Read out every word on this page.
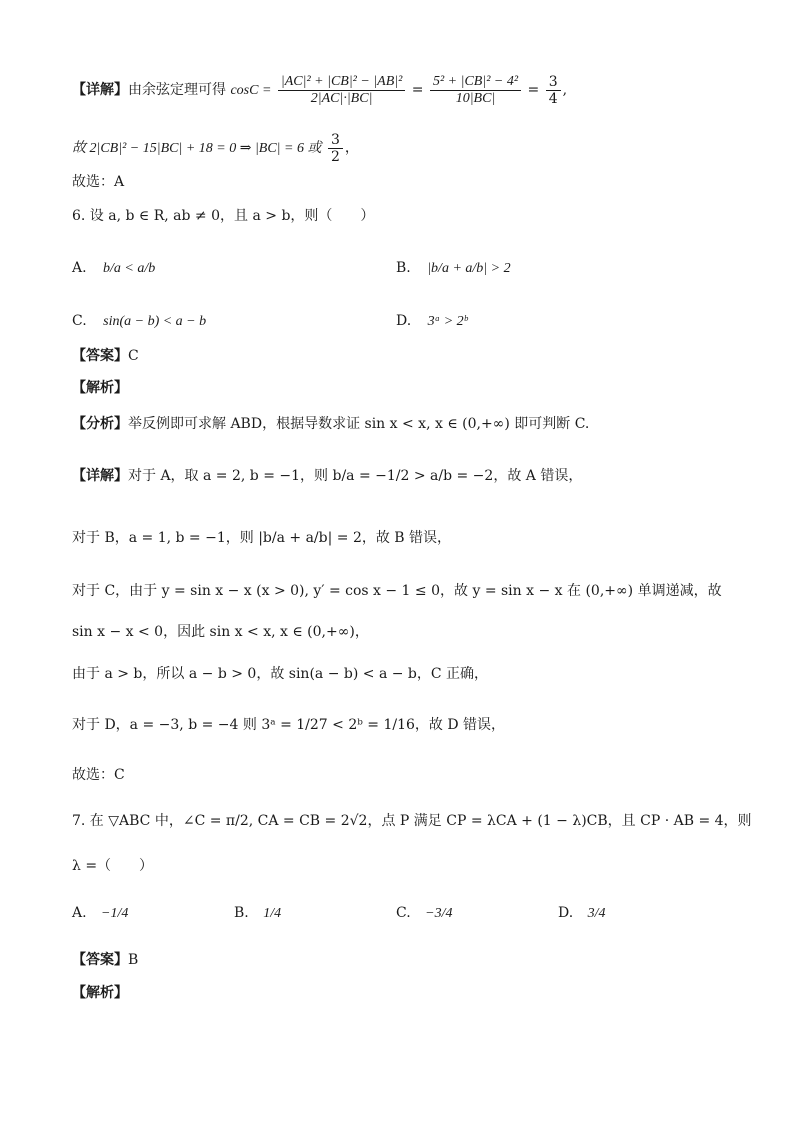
【详解】由余弦定理可得 $\cos C = \frac{\text{|AC|² + |CB|² − |AB|²}}{2|AC|\cdot|BC|} = \frac{\text{5² + |CB|² − 4²}}{10|BC|} = \frac{3}{4}$ ,
故 2|CB|² − 15|BC| + 18 = 0 ⇒ |BC| = 6 或 $\frac{3}{2}$ ，
故选：A
6. 设 a, b ∈ R, ab ≠ 0，且 a > b，则（　　）
A. b/a < a/b	B. |b/a + a/b| > 2
C. sin(a − b) < a − b	D. 3ᵃ > 2ᵇ
【答案】C
【解析】
【分析】举反例即可求解 ABD，根据导数求证 sin x < x, x ∈ (0,+∞) 即可判断 C.
【详解】对于 A，取 a = 2, b = −1，则 b/a = −1/2 > a/b = −2，故 A 错误，
对于 B，a = 1, b = −1，则 |b/a + a/b| = 2，故 B 错误，
对于 C，由于 y = sin x − x (x > 0), y′ = cos x − 1 ≤ 0，故 y = sin x − x 在 (0,+∞) 单调递减，故
sin x − x < 0，因此 sin x < x, x ∈ (0,+∞)，
由于 a > b，所以 a − b > 0，故 sin(a − b) < a − b，C 正确，
对于 D，a = −3, b = −4 则 3ᵃ = 1/27 < 2ᵇ = 1/16，故 D 错误，
故选：C
7. 在 ▽ABC 中，∠C = π/2, CA = CB = 2√2，点 P 满足 CP = λCA + (1 − λ)CB，且 CP · AB = 4，则
λ =（　　）
A. −1/4	B. 1/4	C. −3/4	D. 3/4
【答案】B
【解析】
